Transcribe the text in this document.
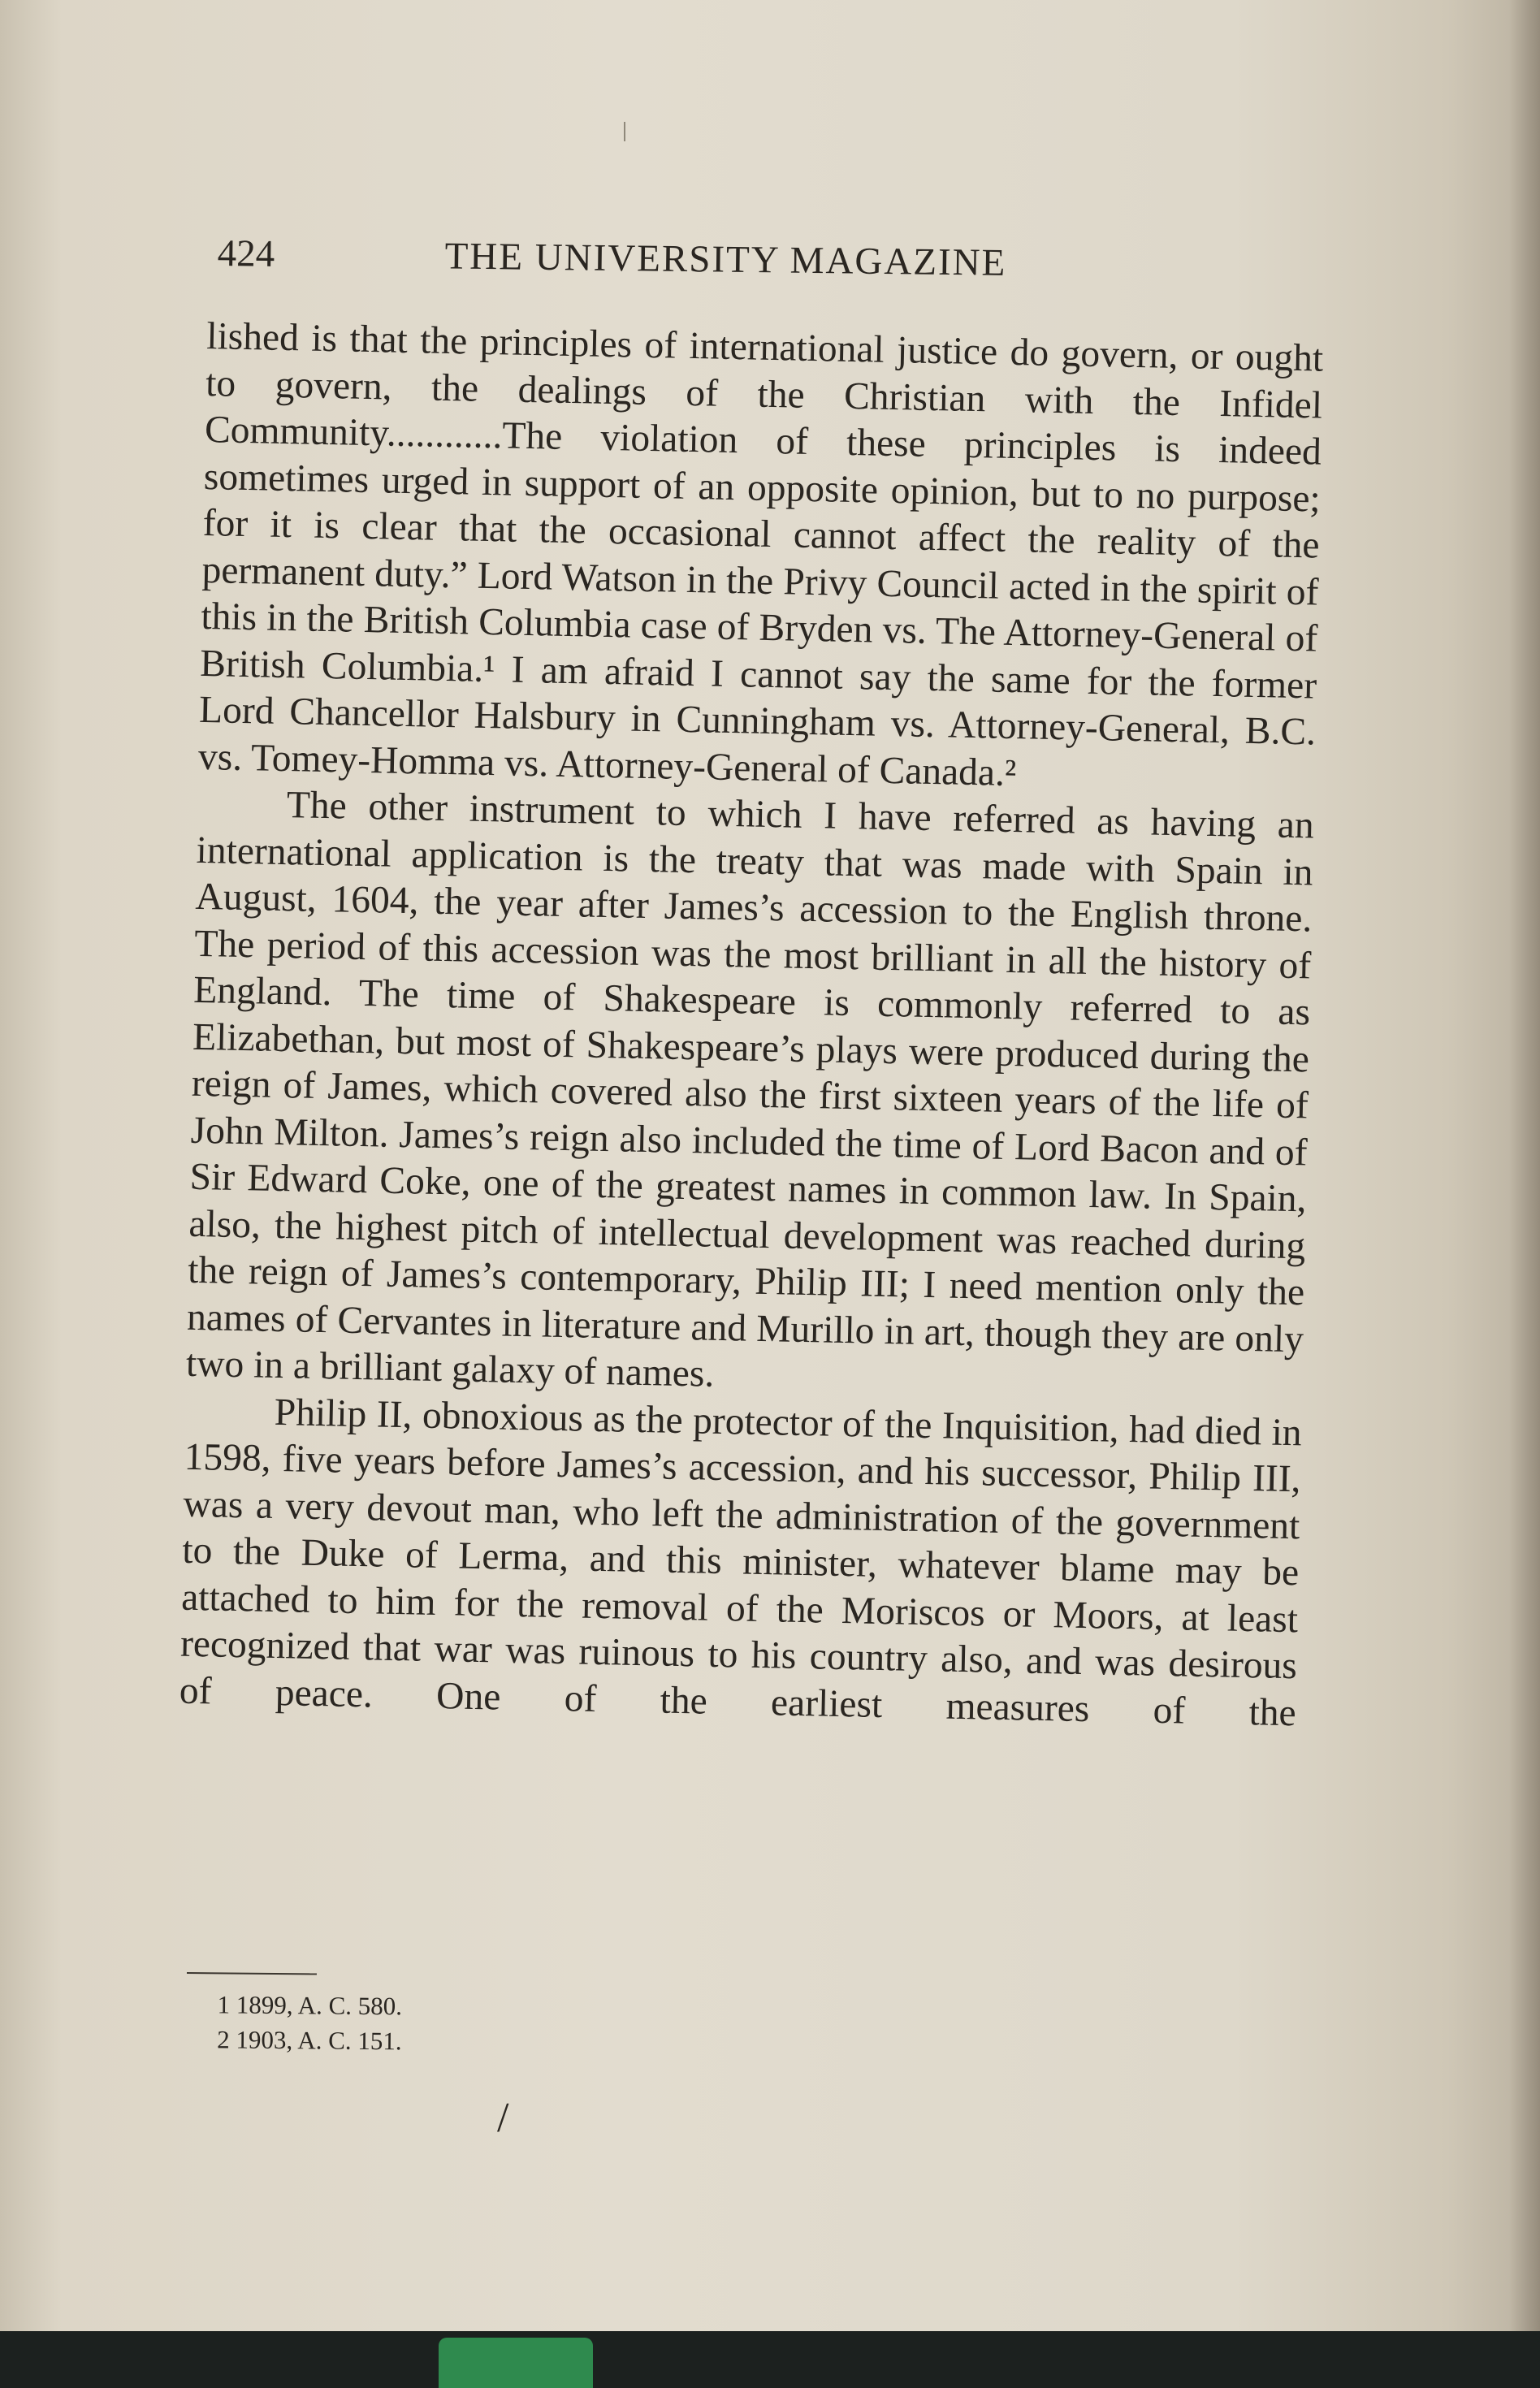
424	THE UNIVERSITY MAGAZINE

lished is that the principles of international justice do govern, or ought to govern, the dealings of the Christian with the Infidel Community............The violation of these principles is indeed sometimes urged in support of an opposite opinion, but to no purpose; for it is clear that the occasional cannot affect the reality of the permanent duty.” Lord Watson in the Privy Council acted in the spirit of this in the British Columbia case of Bryden vs. The Attorney-General of British Columbia.¹ I am afraid I cannot say the same for the former Lord Chancellor Halsbury in Cunningham vs. Attorney-General, B.C. vs. Tomey-Homma vs. Attorney-General of Canada.²

The other instrument to which I have referred as having an international application is the treaty that was made with Spain in August, 1604, the year after James’s accession to the English throne. The period of this accession was the most brilliant in all the history of England. The time of Shakespeare is commonly referred to as Elizabethan, but most of Shakespeare’s plays were produced during the reign of James, which covered also the first sixteen years of the life of John Milton. James’s reign also included the time of Lord Bacon and of Sir Edward Coke, one of the greatest names in common law. In Spain, also, the highest pitch of intellectual development was reached during the reign of James’s contemporary, Philip III; I need mention only the names of Cervantes in literature and Murillo in art, though they are only two in a brilliant galaxy of names.

Philip II, obnoxious as the protector of the Inquisition, had died in 1598, five years before James’s accession, and his successor, Philip III, was a very devout man, who left the administration of the government to the Duke of Lerma, and this minister, whatever blame may be attached to him for the removal of the Moriscos or Moors, at least recognized that war was ruinous to his country also, and was desirous of peace. One of the earliest measures of the

1 1899, A. C. 580.
2 1903, A. C. 151.
/
